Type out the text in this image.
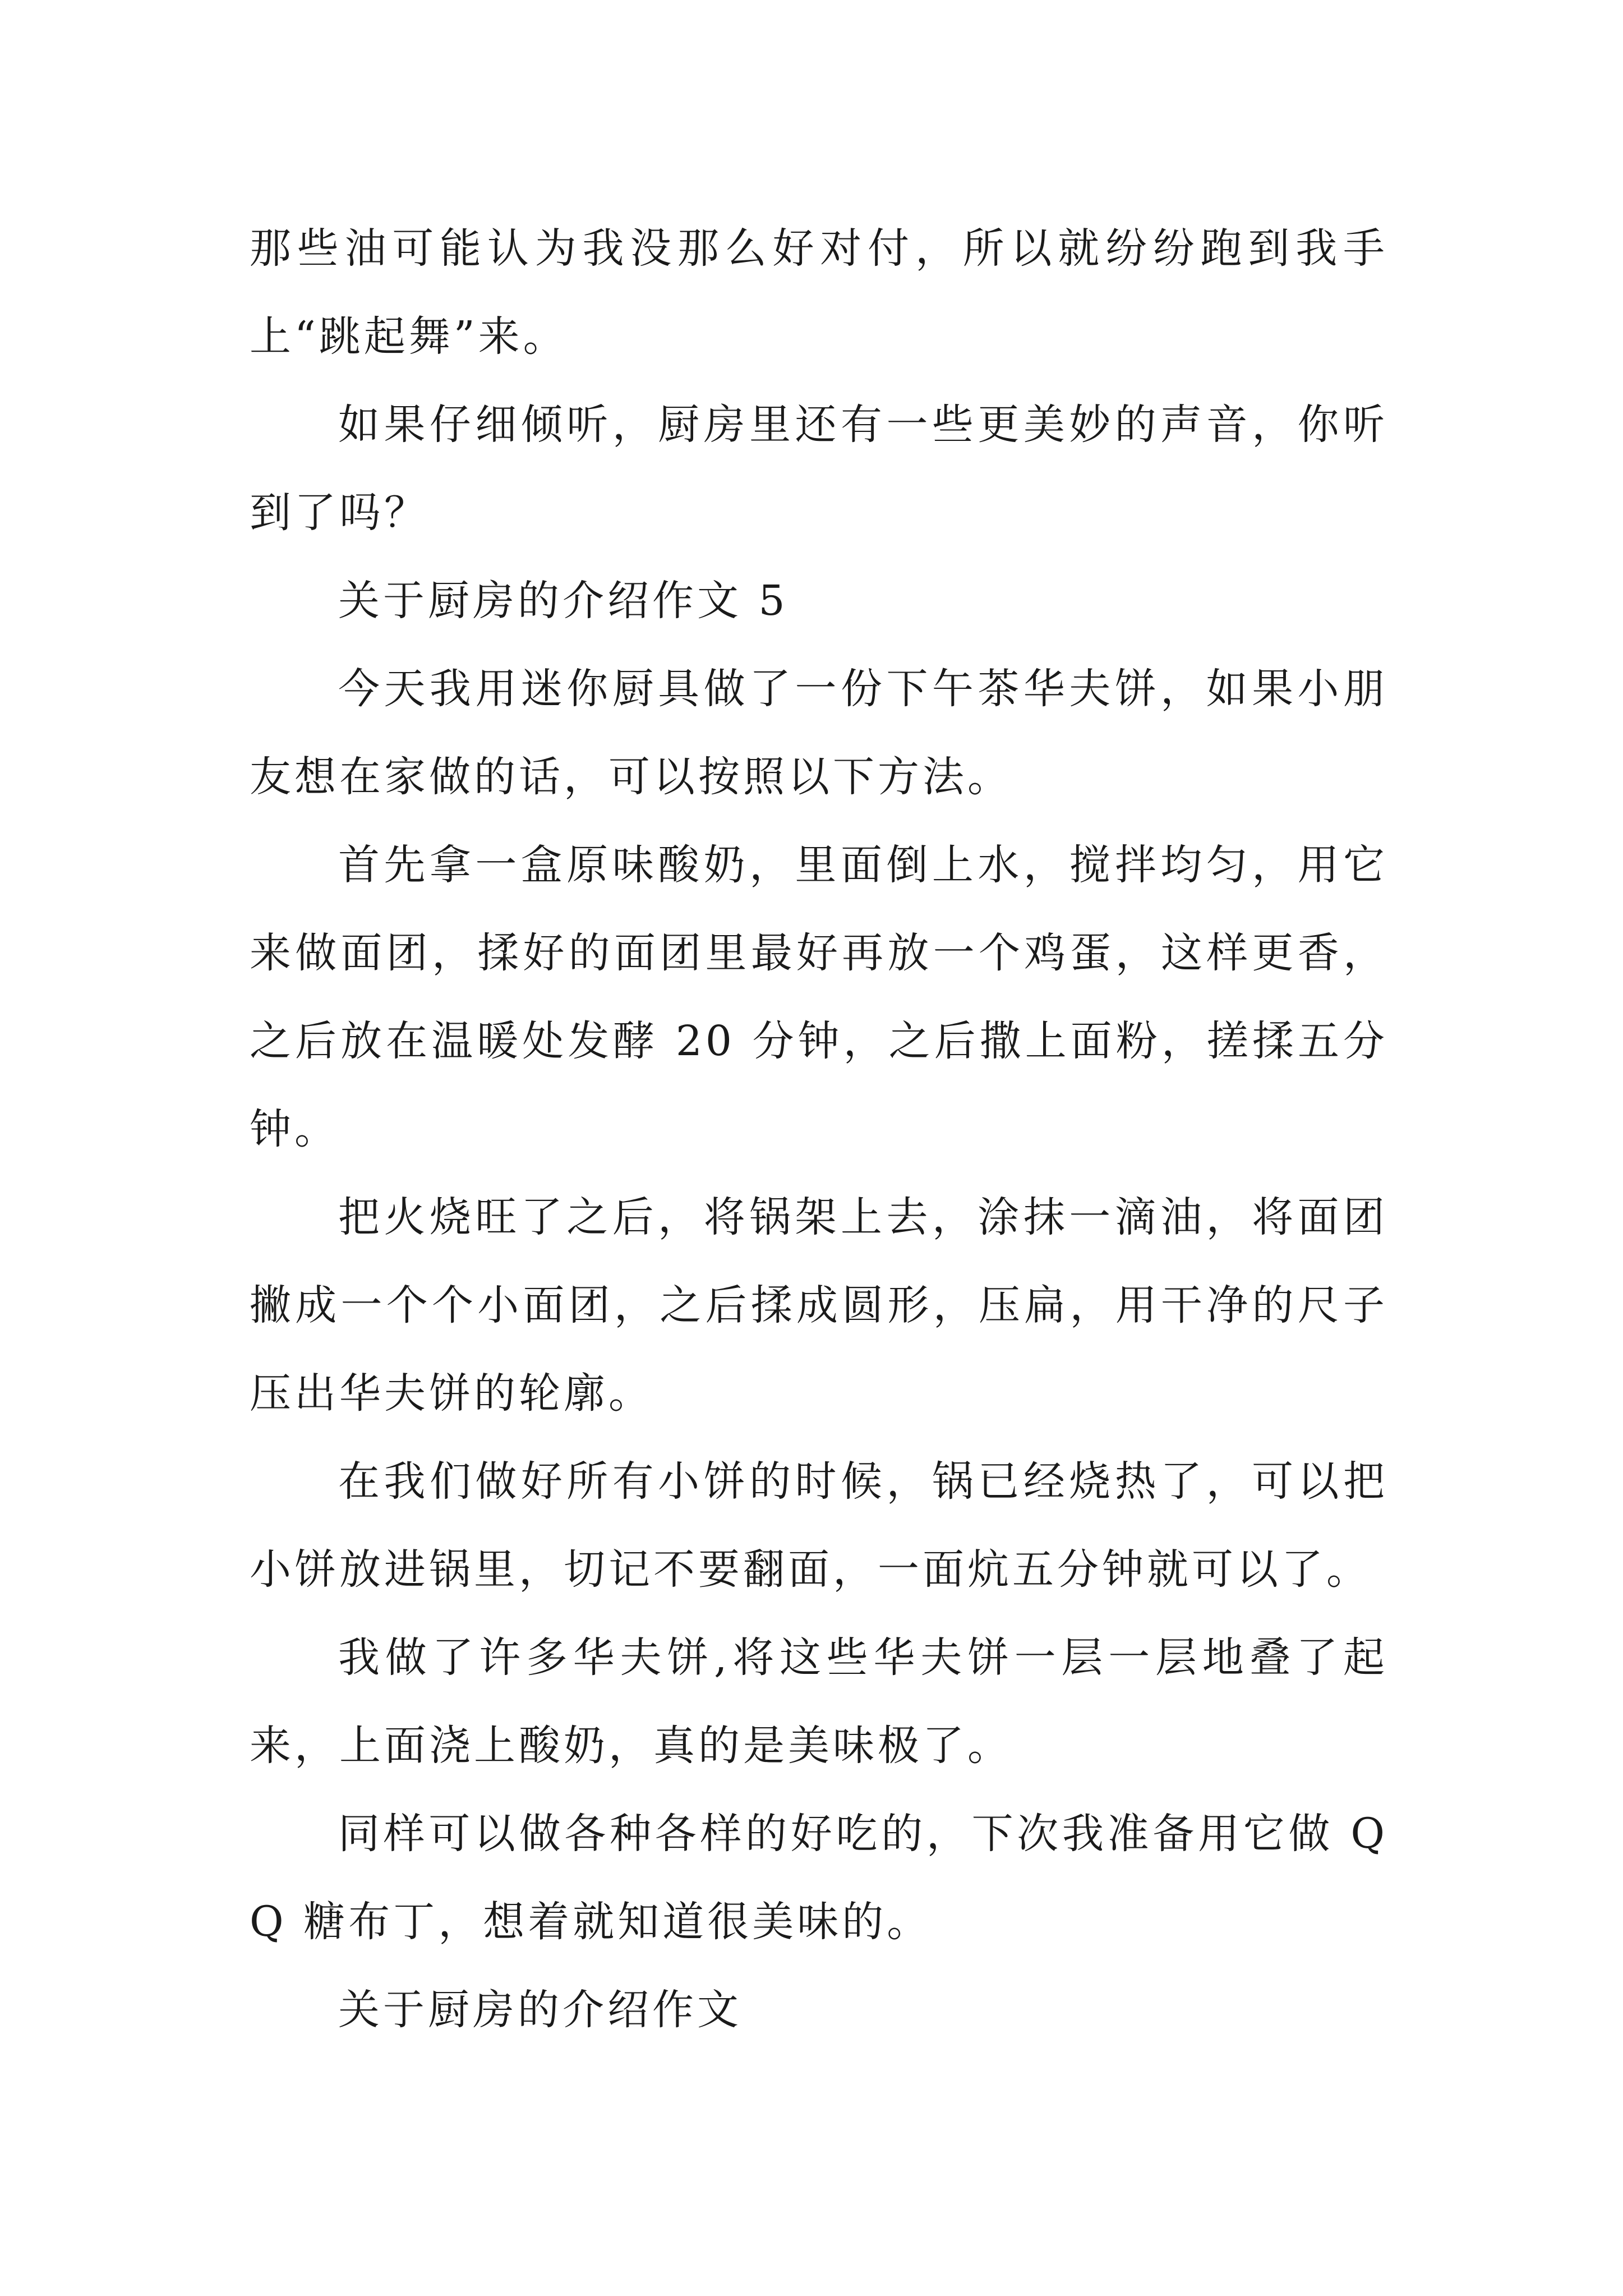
那些油可能认为我没那么好对付，所以就纷纷跑到我手上“跳起舞”来。

如果仔细倾听，厨房里还有一些更美妙的声音，你听到了吗？

关于厨房的介绍作文 5

今天我用迷你厨具做了一份下午茶华夫饼，如果小朋友想在家做的话，可以按照以下方法。

首先拿一盒原味酸奶，里面倒上水，搅拌均匀，用它来做面团，揉好的面团里最好再放一个鸡蛋，这样更香，之后放在温暖处发酵 20 分钟，之后撒上面粉，搓揉五分钟。

把火烧旺了之后，将锅架上去，涂抹一滴油，将面团撇成一个个小面团，之后揉成圆形，压扁，用干净的尺子压出华夫饼的轮廓。

在我们做好所有小饼的时候，锅已经烧热了，可以把小饼放进锅里，切记不要翻面，一面炕五分钟就可以了。

我做了许多华夫饼,将这些华夫饼一层一层地叠了起来，上面浇上酸奶，真的是美味极了。

同样可以做各种各样的好吃的，下次我准备用它做 QQ 糖布丁，想着就知道很美味的。

关于厨房的介绍作文
